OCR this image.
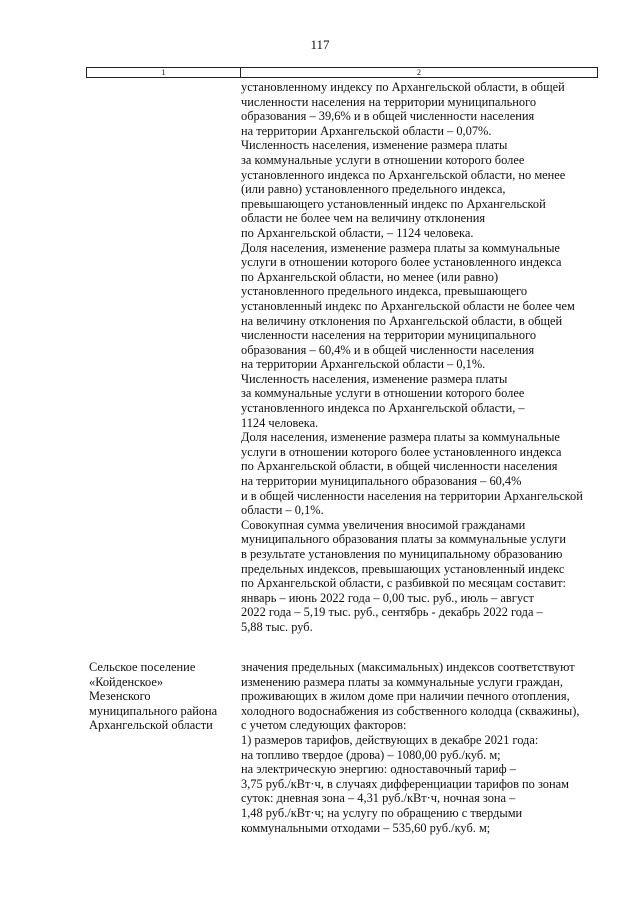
117
1	2
установленному индексу по Архангельской области, в общей
численности населения на территории муниципального
образования – 39,6% и в общей численности населения
на территории Архангельской области – 0,07%.
Численность населения, изменение размера платы
за коммунальные услуги в отношении которого более
установленного индекса по Архангельской области, но менее
(или равно) установленного предельного индекса,
превышающего установленный индекс по Архангельской
области не более чем на величину отклонения
по Архангельской области, – 1124 человека.
Доля населения, изменение размера платы за коммунальные
услуги в отношении которого более установленного индекса
по Архангельской области, но менее (или равно)
установленного предельного индекса, превышающего
установленный индекс по Архангельской области не более чем
на величину отклонения по Архангельской области, в общей
численности населения на территории муниципального
образования – 60,4% и в общей численности населения
на территории Архангельской области – 0,1%.
Численность населения, изменение размера платы
за коммунальные услуги в отношении которого более
установленного индекса по Архангельской области, –
1124 человека.
Доля населения, изменение размера платы за коммунальные
услуги в отношении которого более установленного индекса
по Архангельской области, в общей численности населения
на территории муниципального образования – 60,4%
и в общей численности населения на территории Архангельской
области – 0,1%.
Совокупная сумма увеличения вносимой гражданами
муниципального образования платы за коммунальные услуги
в результате установления по муниципальному образованию
предельных индексов, превышающих установленный индекс
по Архангельской области, с разбивкой по месяцам составит:
январь – июнь 2022 года – 0,00 тыс. руб., июль – август
2022 года – 5,19 тыс. руб., сентябрь - декабрь 2022 года –
5,88 тыс. руб.
Сельское поселение
«Койденское»
Мезенского
муниципального района
Архангельской области
значения предельных (максимальных) индексов соответствуют
изменению размера платы за коммунальные услуги граждан,
проживающих в жилом доме при наличии печного отопления,
холодного водоснабжения из собственного колодца (скважины),
с учетом следующих факторов:
1) размеров тарифов, действующих в декабре 2021 года:
на топливо твердое (дрова) – 1080,00 руб./куб. м;
на электрическую энергию: одноставочный тариф –
3,75 руб./кВт·ч, в случаях дифференциации тарифов по зонам
суток: дневная зона – 4,31 руб./кВт·ч, ночная зона –
1,48 руб./кВт·ч; на услугу по обращению с твердыми
коммунальными отходами – 535,60 руб./куб. м;
